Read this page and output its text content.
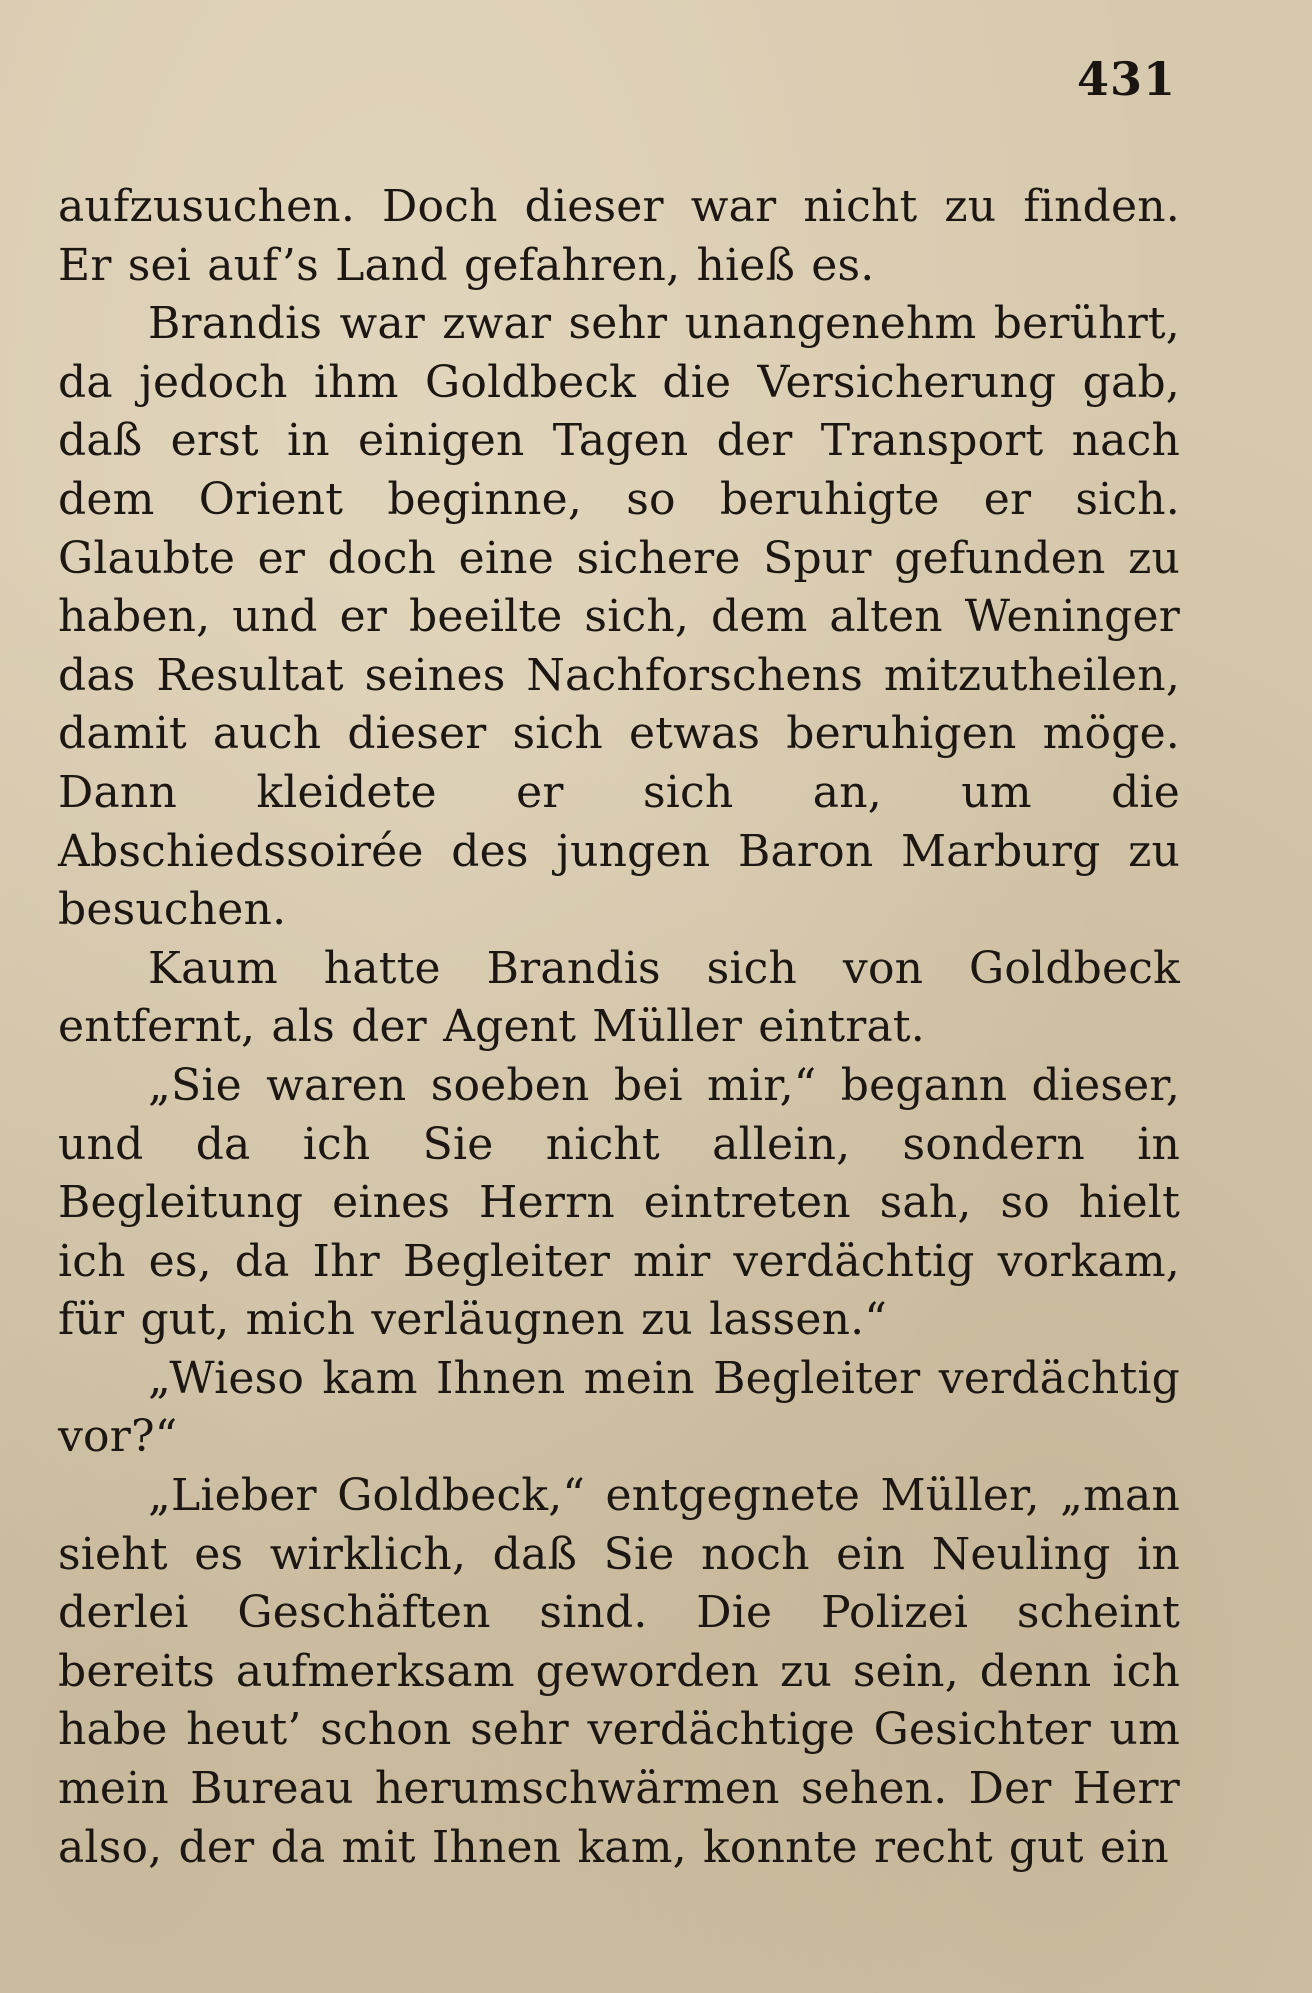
431

aufzusuchen. Doch dieser war nicht zu finden. Er sei auf’s Land gefahren, hieß es.

Brandis war zwar sehr unangenehm berührt, da jedoch ihm Goldbeck die Versicherung gab, daß erst in einigen Tagen der Transport nach dem Orient beginne, so beruhigte er sich. Glaubte er doch eine sichere Spur gefunden zu haben, und er beeilte sich, dem alten Weninger das Resultat seines Nachforschens mitzutheilen, damit auch dieser sich etwas beruhigen möge. Dann kleidete er sich an, um die Abschiedssoirée des jungen Baron Marburg zu besuchen.

Kaum hatte Brandis sich von Goldbeck entfernt, als der Agent Müller eintrat.

„Sie waren soeben bei mir,“ begann dieser, und da ich Sie nicht allein, sondern in Begleitung eines Herrn eintreten sah, so hielt ich es, da Ihr Begleiter mir verdächtig vorkam, für gut, mich verläugnen zu lassen.“

„Wieso kam Ihnen mein Begleiter verdächtig vor?“

„Lieber Goldbeck,“ entgegnete Müller, „man sieht es wirklich, daß Sie noch ein Neuling in derlei Geschäften sind. Die Polizei scheint bereits aufmerksam geworden zu sein, denn ich habe heut’ schon sehr verdächtige Gesichter um mein Bureau herumschwärmen sehen. Der Herr also, der da mit Ihnen kam, konnte recht gut ein
